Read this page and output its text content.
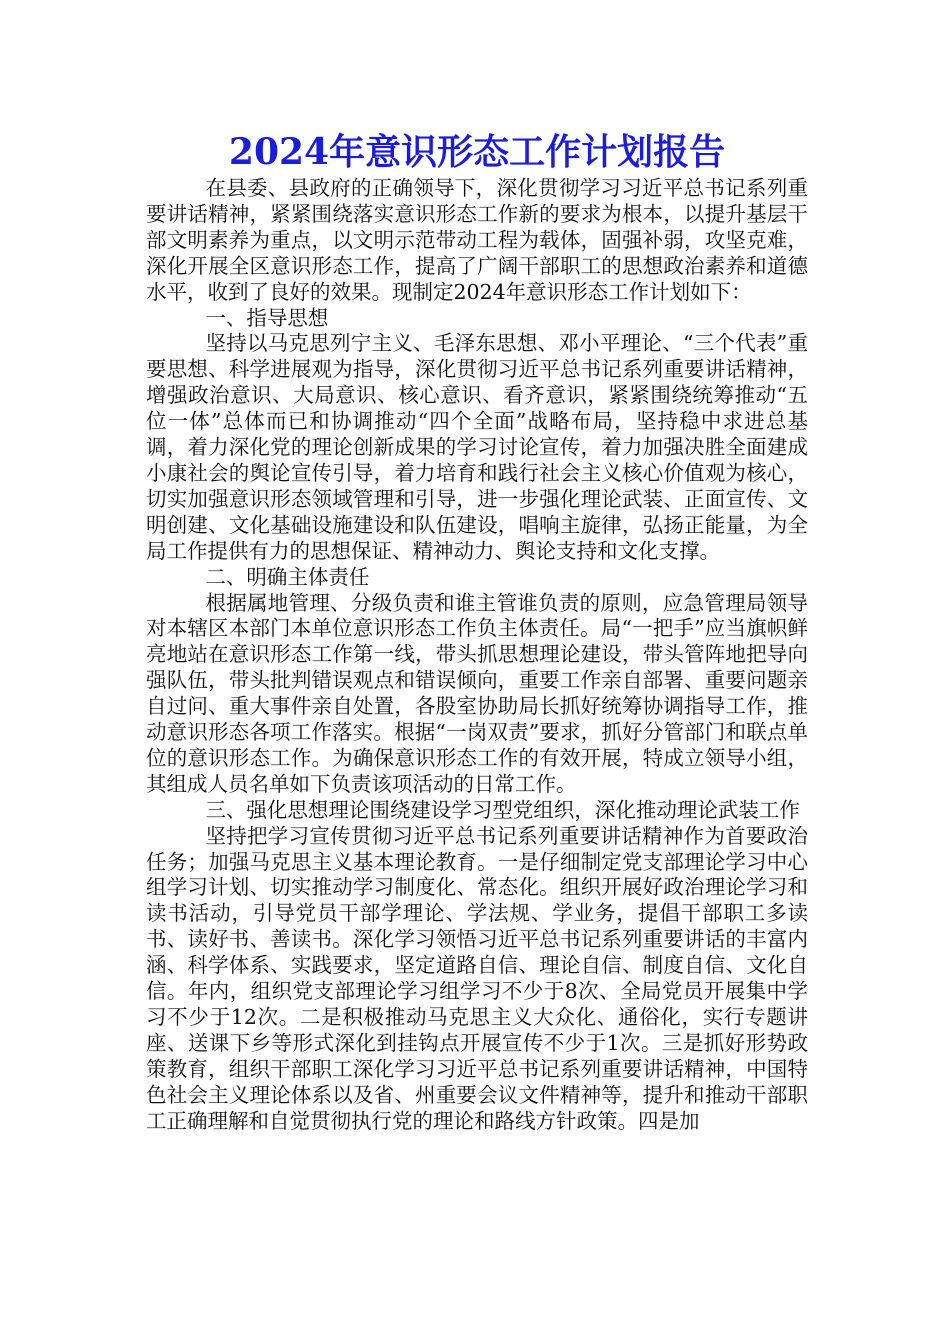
2024年意识形态工作计划报告

在县委、县政府的正确领导下，深化贯彻学习习近平总书记系列重要讲话精神，紧紧围绕落实意识形态工作新的要求为根本，以提升基层干部文明素养为重点，以文明示范带动工程为载体，固强补弱，攻坚克难，深化开展全区意识形态工作，提高了广阔干部职工的思想政治素养和道德水平，收到了良好的效果。现制定2024年意识形态工作计划如下：

一、指导思想

坚持以马克思列宁主义、毛泽东思想、邓小平理论、“三个代表”重要思想、科学进展观为指导，深化贯彻习近平总书记系列重要讲话精神，增强政治意识、大局意识、核心意识、看齐意识，紧紧围绕统筹推动“五位一体”总体而已和协调推动“四个全面”战略布局，坚持稳中求进总基调，着力深化党的理论创新成果的学习讨论宣传，着力加强决胜全面建成小康社会的舆论宣传引导，着力培育和践行社会主义核心价值观为核心，切实加强意识形态领域管理和引导，进一步强化理论武装、正面宣传、文明创建、文化基础设施建设和队伍建设，唱响主旋律，弘扬正能量，为全局工作提供有力的思想保证、精神动力、舆论支持和文化支撑。

二、明确主体责任

根据属地管理、分级负责和谁主管谁负责的原则，应急管理局领导对本辖区本部门本单位意识形态工作负主体责任。局“一把手”应当旗帜鲜亮地站在意识形态工作第一线，带头抓思想理论建设，带头管阵地把导向强队伍，带头批判错误观点和错误倾向，重要工作亲自部署、重要问题亲自过问、重大事件亲自处置，各股室协助局长抓好统筹协调指导工作，推动意识形态各项工作落实。根据“一岗双责”要求，抓好分管部门和联点单位的意识形态工作。为确保意识形态工作的有效开展，特成立领导小组，其组成人员名单如下负责该项活动的日常工作。

三、强化思想理论围绕建设学习型党组织，深化推动理论武装工作

坚持把学习宣传贯彻习近平总书记系列重要讲话精神作为首要政治任务；加强马克思主义基本理论教育。一是仔细制定党支部理论学习中心组学习计划、切实推动学习制度化、常态化。组织开展好政治理论学习和读书活动，引导党员干部学理论、学法规、学业务，提倡干部职工多读书、读好书、善读书。深化学习领悟习近平总书记系列重要讲话的丰富内涵、科学体系、实践要求，坚定道路自信、理论自信、制度自信、文化自信。年内，组织党支部理论学习组学习不少于8次、全局党员开展集中学习不少于12次。二是积极推动马克思主义大众化、通俗化，实行专题讲座、送课下乡等形式深化到挂钩点开展宣传不少于1次。三是抓好形势政策教育，组织干部职工深化学习习近平总书记系列重要讲话精神，中国特色社会主义理论体系以及省、州重要会议文件精神等，提升和推动干部职工正确理解和自觉贯彻执行党的理论和路线方针政策。四是加
